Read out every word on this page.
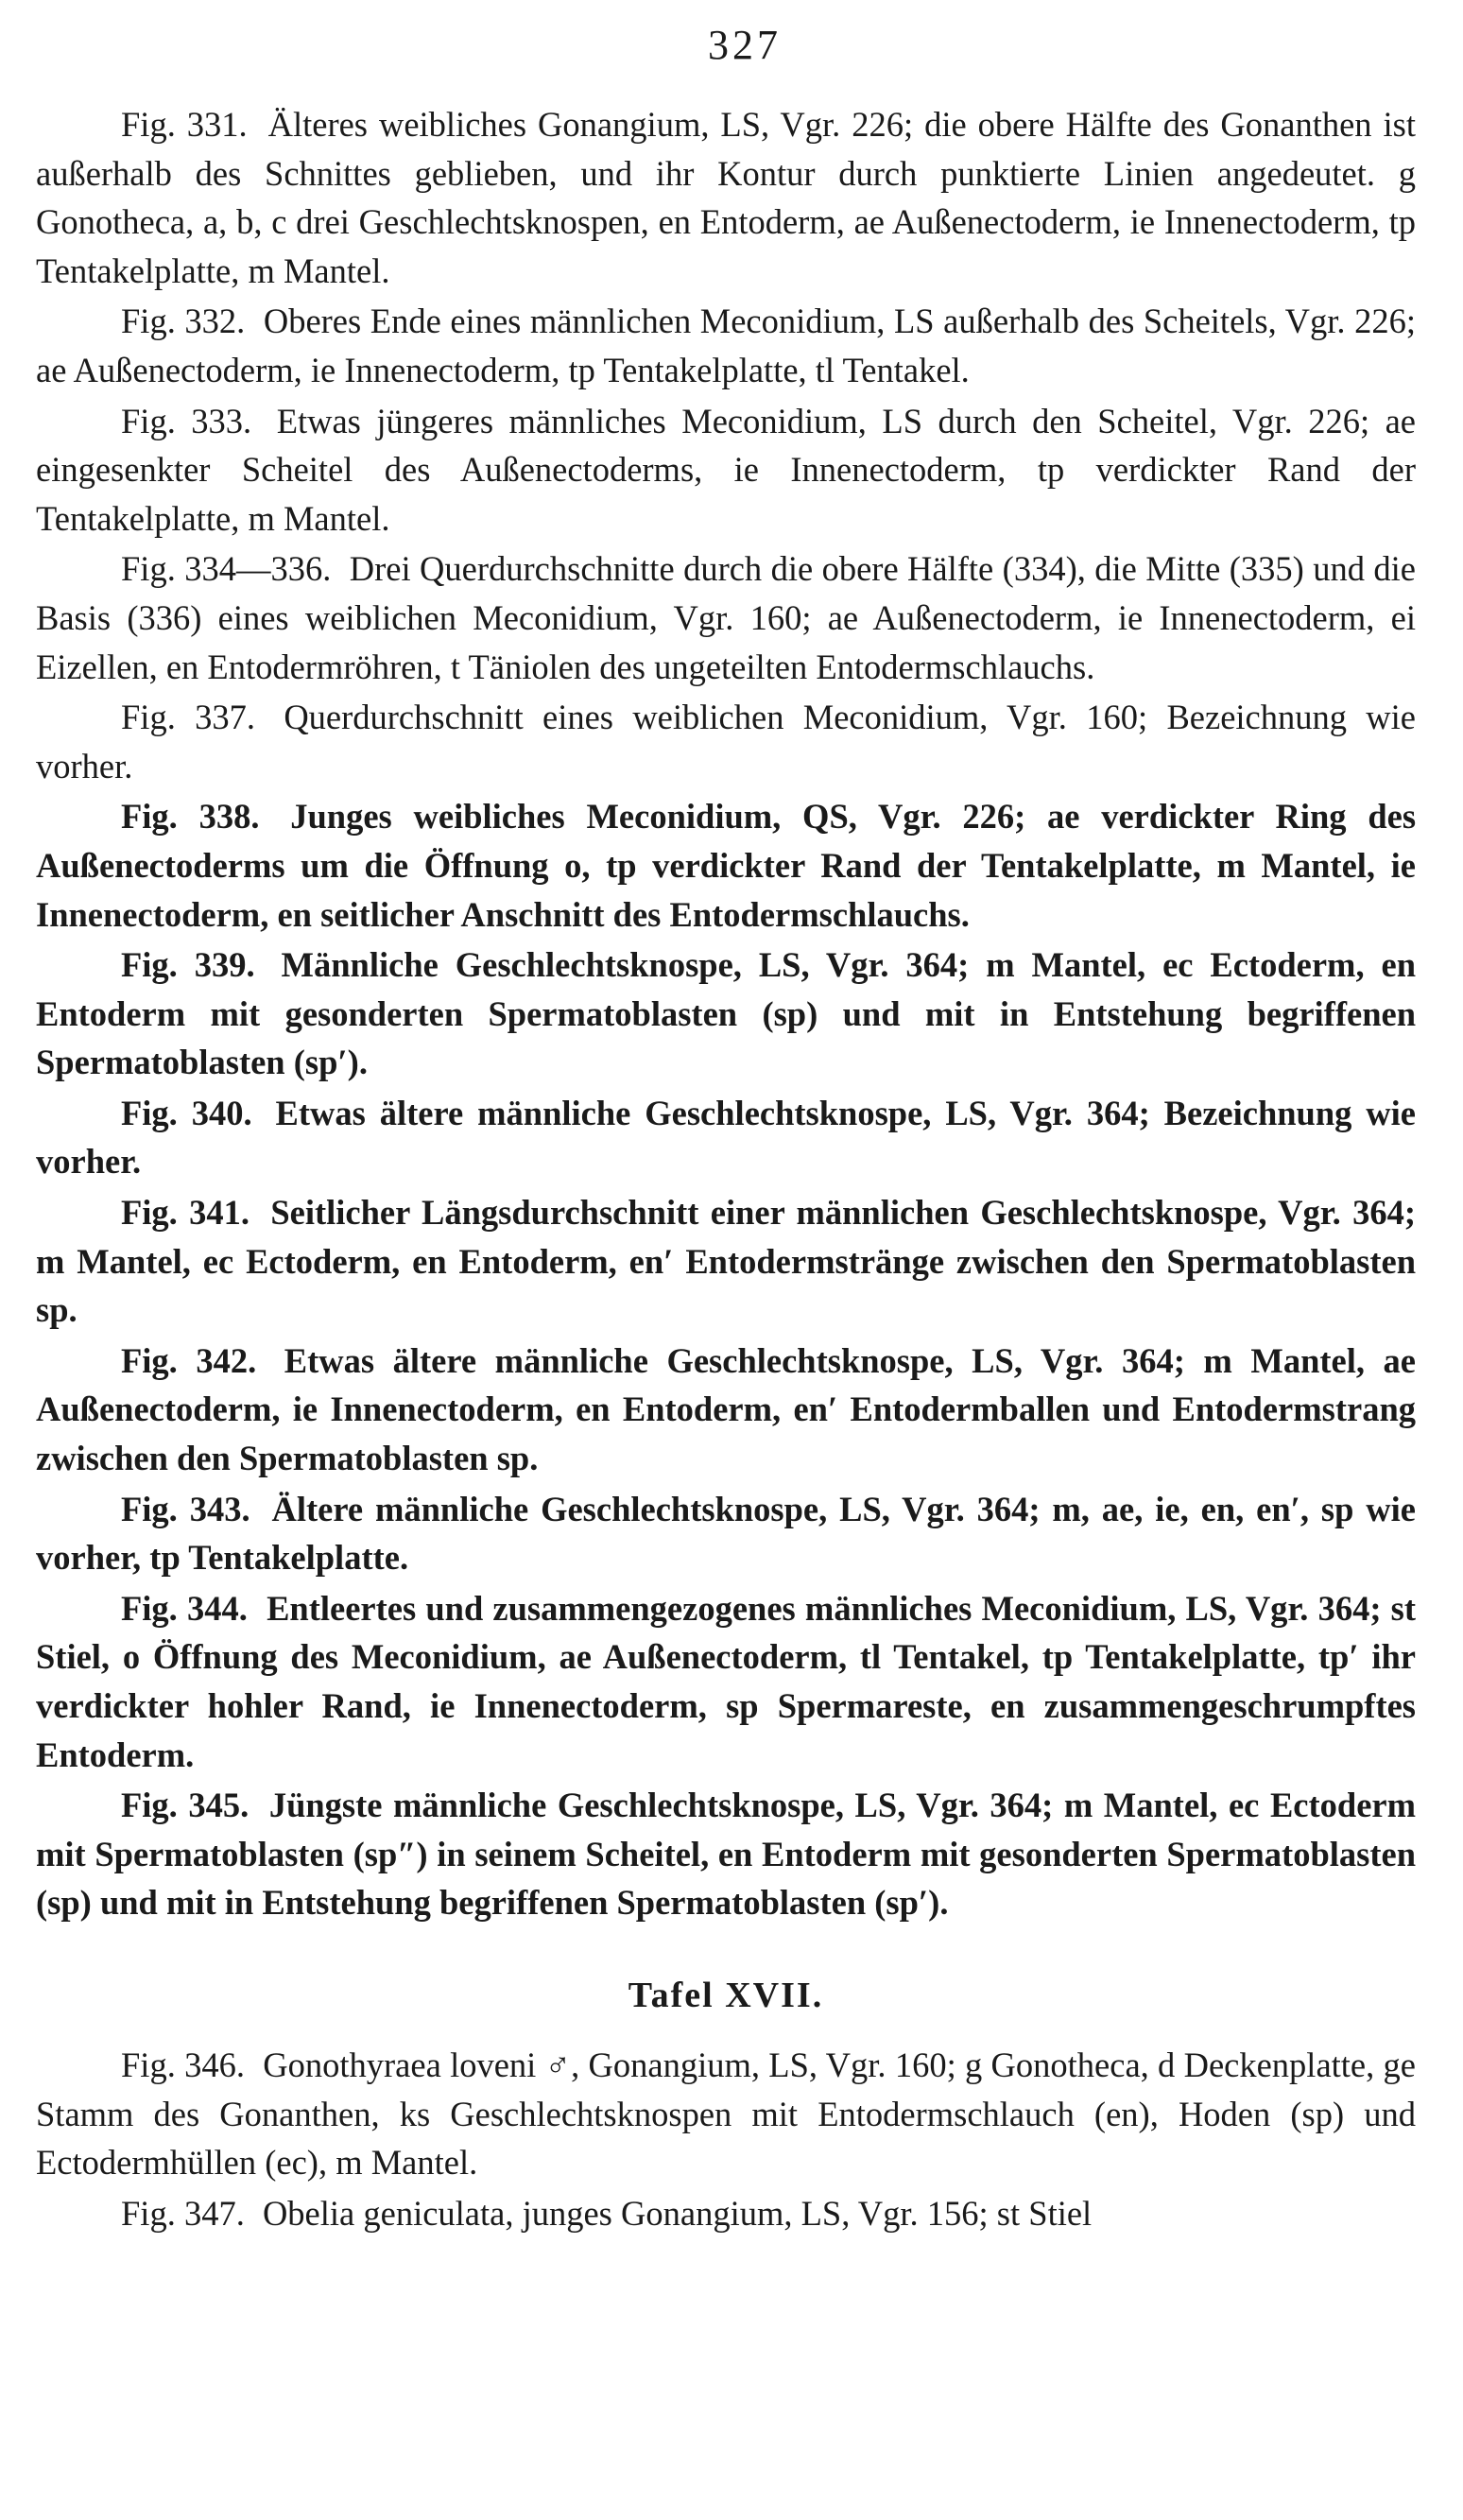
327

Fig. 331. Älteres weibliches Gonangium, LS, Vgr. 226; die obere Hälfte des Gonanthen ist außerhalb des Schnittes geblieben, und ihr Kontur durch punktierte Linien angedeutet. g Gonotheca, a, b, c drei Geschlechtsknospen, en Entoderm, ae Außenectoderm, ie Innenectoderm, tp Tentakelplatte, m Mantel.

Fig. 332. Oberes Ende eines männlichen Meconidium, LS außerhalb des Scheitels, Vgr. 226; ae Außenectoderm, ie Innenectoderm, tp Tentakelplatte, tl Tentakel.

Fig. 333. Etwas jüngeres männliches Meconidium, LS durch den Scheitel, Vgr. 226; ae eingesenkter Scheitel des Außenectoderms, ie Innenectoderm, tp verdickter Rand der Tentakelplatte, m Mantel.

Fig. 334—336. Drei Querdurchschnitte durch die obere Hälfte (334), die Mitte (335) und die Basis (336) eines weiblichen Meconidium, Vgr. 160; ae Außenectoderm, ie Innenectoderm, ei Eizellen, en Entodermröhren, t Täniolen des ungeteilten Entodermschlauchs.

Fig. 337. Querdurchschnitt eines weiblichen Meconidium, Vgr. 160; Bezeichnung wie vorher.

Fig. 338. Junges weibliches Meconidium, QS, Vgr. 226; ae verdickter Ring des Außenectoderms um die Öffnung o, tp verdickter Rand der Tentakelplatte, m Mantel, ie Innenectoderm, en seitlicher Anschnitt des Entodermschlauchs.

Fig. 339. Männliche Geschlechtsknospe, LS, Vgr. 364; m Mantel, ec Ectoderm, en Entoderm mit gesonderten Spermatoblasten (sp) und mit in Entstehung begriffenen Spermatoblasten (sp′).

Fig. 340. Etwas ältere männliche Geschlechtsknospe, LS, Vgr. 364; Bezeichnung wie vorher.

Fig. 341. Seitlicher Längsdurchschnitt einer männlichen Geschlechtsknospe, Vgr. 364; m Mantel, ec Ectoderm, en Entoderm, en′ Entodermstränge zwischen den Spermatoblasten sp.

Fig. 342. Etwas ältere männliche Geschlechtsknospe, LS, Vgr. 364; m Mantel, ae Außenectoderm, ie Innenectoderm, en Entoderm, en′ Entodermballen und Entodermstrang zwischen den Spermatoblasten sp.

Fig. 343. Ältere männliche Geschlechtsknospe, LS, Vgr. 364; m, ae, ie, en, en′, sp wie vorher, tp Tentakelplatte.

Fig. 344. Entleertes und zusammengezogenes männliches Meconidium, LS, Vgr. 364; st Stiel, o Öffnung des Meconidium, ae Außenectoderm, tl Tentakel, tp Tentakelplatte, tp′ ihr verdickter hohler Rand, ie Innenectoderm, sp Spermareste, en zusammengeschrumpftes Entoderm.

Fig. 345. Jüngste männliche Geschlechtsknospe, LS, Vgr. 364; m Mantel, ec Ectoderm mit Spermatoblasten (sp″) in seinem Scheitel, en Entoderm mit gesonderten Spermatoblasten (sp) und mit in Entstehung begriffenen Spermatoblasten (sp′).

Tafel XVII.

Fig. 346. Gonothyraea loveni ♂, Gonangium, LS, Vgr. 160; g Gonotheca, d Deckenplatte, ge Stamm des Gonanthen, ks Geschlechtsknospen mit Entodermschlauch (en), Hoden (sp) und Ectodermhüllen (ec), m Mantel.

Fig. 347. Obelia geniculata, junges Gonangium, LS, Vgr. 156; st Stiel
